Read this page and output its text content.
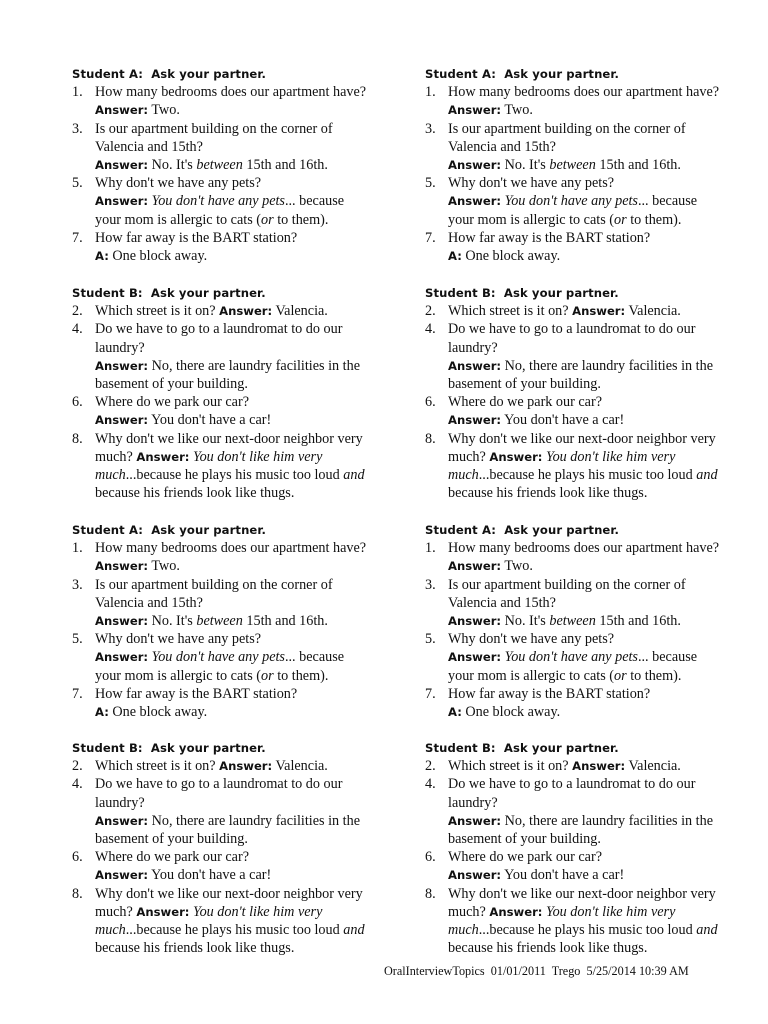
Student A:  Ask your partner.
1. How many bedrooms does our apartment have? Answer: Two.
3. Is our apartment building on the corner of Valencia and 15th?
Answer: No. It's between 15th and 16th.
5. Why don't we have any pets?
Answer: You don't have any pets... because your mom is allergic to cats (or to them).
7. How far away is the BART station?
A: One block away.
Student B:  Ask your partner.
2. Which street is it on? Answer: Valencia.
4. Do we have to go to a laundromat to do our laundry?
Answer: No, there are laundry facilities in the basement of your building.
6. Where do we park our car?
Answer: You don't have a car!
8. Why don't we like our next-door neighbor very much? Answer: You don't like him very much...because he plays his music too loud and because his friends look like thugs.
Student A:  Ask your partner.
1. How many bedrooms does our apartment have? Answer: Two.
3. Is our apartment building on the corner of Valencia and 15th?
Answer: No. It's between 15th and 16th.
5. Why don't we have any pets?
Answer: You don't have any pets... because your mom is allergic to cats (or to them).
7. How far away is the BART station?
A: One block away.
Student B:  Ask your partner.
2. Which street is it on? Answer: Valencia.
4. Do we have to go to a laundromat to do our laundry?
Answer: No, there are laundry facilities in the basement of your building.
6. Where do we park our car?
Answer: You don't have a car!
8. Why don't we like our next-door neighbor very much? Answer: You don't like him very much...because he plays his music too loud and because his friends look like thugs.
Student A:  Ask your partner.
1. How many bedrooms does our apartment have? Answer: Two.
3. Is our apartment building on the corner of Valencia and 15th?
Answer: No. It's between 15th and 16th.
5. Why don't we have any pets?
Answer: You don't have any pets... because your mom is allergic to cats (or to them).
7. How far away is the BART station?
A: One block away.
Student B:  Ask your partner.
2. Which street is it on? Answer: Valencia.
4. Do we have to go to a laundromat to do our laundry?
Answer: No, there are laundry facilities in the basement of your building.
6. Where do we park our car?
Answer: You don't have a car!
8. Why don't we like our next-door neighbor very much? Answer: You don't like him very much...because he plays his music too loud and because his friends look like thugs.
Student A:  Ask your partner.
1. How many bedrooms does our apartment have? Answer: Two.
3. Is our apartment building on the corner of Valencia and 15th?
Answer: No. It's between 15th and 16th.
5. Why don't we have any pets?
Answer: You don't have any pets... because your mom is allergic to cats (or to them).
7. How far away is the BART station?
A: One block away.
Student B:  Ask your partner.
2. Which street is it on? Answer: Valencia.
4. Do we have to go to a laundromat to do our laundry?
Answer: No, there are laundry facilities in the basement of your building.
6. Where do we park our car?
Answer: You don't have a car!
8. Why don't we like our next-door neighbor very much? Answer: You don't like him very much...because he plays his music too loud and because his friends look like thugs.
OralInterviewTopics  01/01/2011  Trego  5/25/2014 10:39 AM
